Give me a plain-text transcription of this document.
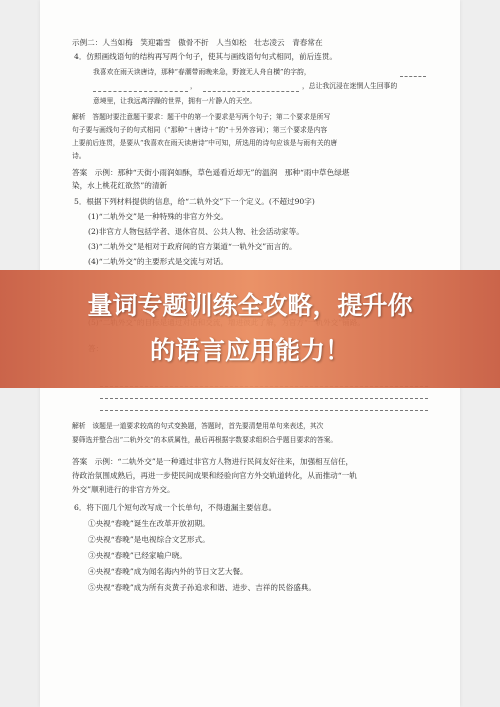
示例二：人当如梅　笑迎霜雪　傲骨不折　人当如松　壮志凌云　青春常在
4．仿照画线语句的结构再写两个句子，使其与画线语句句式相同，前后连贯。
我喜欢在雨天读唐诗，那种“春潮带雨晚来急，野渡无人舟自横”的字韵，
，	，总让我沉浸在迷惘人生回事的
意境里，让我远离浮躁的世界，拥有一片静人的天空。
解析　答题时要注意题干要求：题干中的第一个要求是写两个句子；第二个要求是所写
句子要与画线句子的句式相同（“那种”＋唐诗＋“的”＋另外容词）；第三个要求是内容
上要前后连贯，是要从“我喜欢在雨天读唐诗”中可知，所选用的诗句应该是与雨有关的唐
诗。
答案　示例：那种“天街小雨润如酥，草色遥看近却无”的温润　那种“雨中草色绿堪
染，水上桃花红欲然”的清新
5．根据下列材料提供的信息，给“二轨外交”下一个定义。(不超过90字)
(1)“二轨外交”是一种特殊的非官方外交。
(2)非官方人物包括学者、退休官员、公共人物、社会活动家等。
(3)“二轨外交”是相对于政府间的官方渠道“一轨外交”而言的。
(4)“二轨外交”的主要形式是交流与对话。
解析　该题是一道要求较高的句式变换题，答题时，首先要清楚用单句来表述，其次
要筛选并整合出“二轨外交”的本质属性，最后再根据字数要求组织合乎题目要求的答案。
答案　示例：“二轨外交”是一种通过非官方人物进行民间友好往来，加强相互信任，
待政治氛围成熟后，再进一步使民间成果和经验向官方外交轨道转化，从而推动“一轨
外交”顺利进行的非官方外交。
6．将下面几个短句改写成一个长单句，不得遗漏主要信息。
①央视“春晚”诞生在改革开放初期。
②央视“春晚”是电视综合文艺形式。
③央视“春晚”已经家喻户晓。
④央视“春晚”成为闻名海内外的节日文艺大餐。
⑤央视“春晚”成为所有炎黄子孙追求和谐、进步、吉祥的民俗盛典。
量词专题训练全攻略，提升你
的语言应用能力！
